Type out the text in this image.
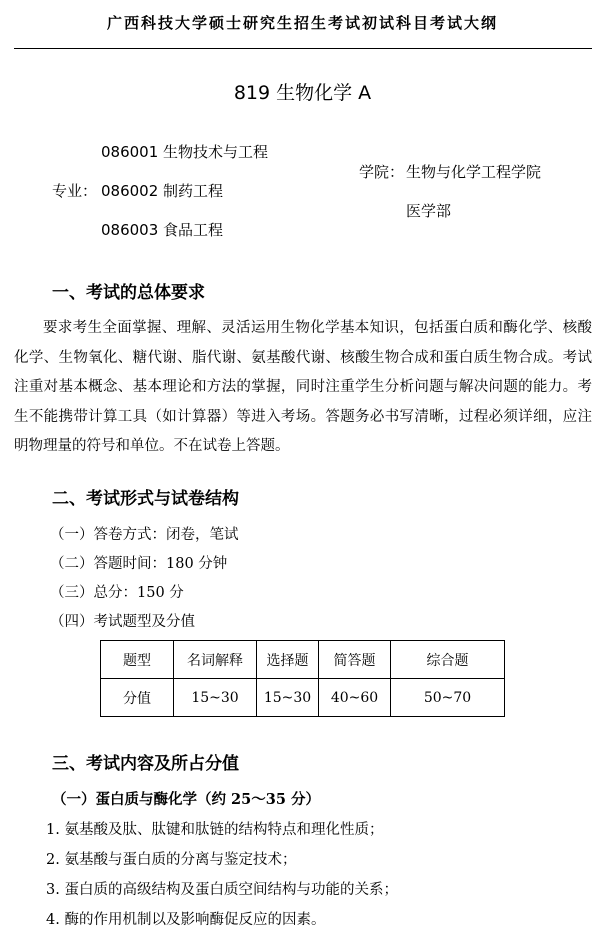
广西科技大学硕士研究生招生考试初试科目考试大纲
819 生物化学 A
086001 生物技术与工程
专业： 086002 制药工程
086003 食品工程
学院： 生物与化学工程学院
医学部
一、考试的总体要求

要求考生全面掌握、理解、灵活运用生物化学基本知识，包括蛋白质和酶化学、核酸化学、生物氧化、糖代谢、脂代谢、氨基酸代谢、核酸生物合成和蛋白质生物合成。考试注重对基本概念、基本理论和方法的掌握，同时注重学生分析问题与解决问题的能力。考生不能携带计算工具（如计算器）等进入考场。答题务必书写清晰，过程必须详细，应注明物理量的符号和单位。不在试卷上答题。

二、考试形式与试卷结构
（一）答卷方式：闭卷，笔试
（二）答题时间：180 分钟
（三）总分：150 分
（四）考试题型及分值
题型	名词解释	选择题	简答题	综合题
分值	15~30	15~30	40~60	50~70
三、考试内容及所占分值
（一）蛋白质与酶化学（约 25～35 分）
1. 氨基酸及肽、肽键和肽链的结构特点和理化性质；
2. 氨基酸与蛋白质的分离与鉴定技术；
3. 蛋白质的高级结构及蛋白质空间结构与功能的关系；
4. 酶的作用机制以及影响酶促反应的因素。
